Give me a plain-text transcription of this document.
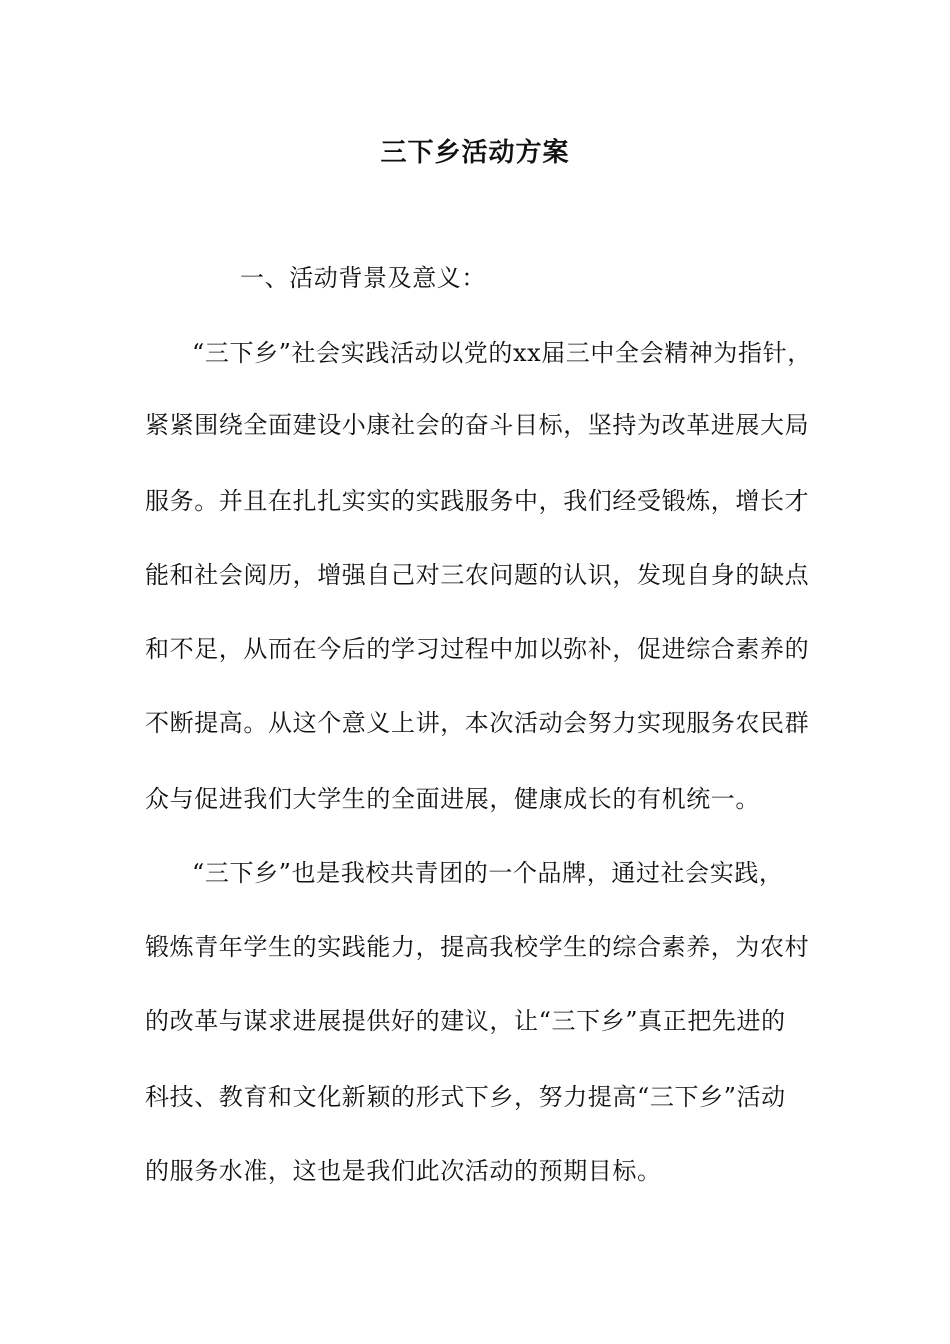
三下乡活动方案
一、活动背景及意义：
“三下乡”社会实践活动以党的xx届三中全会精神为指针，
紧紧围绕全面建设小康社会的奋斗目标，坚持为改革进展大局
服务。并且在扎扎实实的实践服务中，我们经受锻炼，增长才
能和社会阅历，增强自己对三农问题的认识，发现自身的缺点
和不足，从而在今后的学习过程中加以弥补，促进综合素养的
不断提高。从这个意义上讲，本次活动会努力实现服务农民群
众与促进我们大学生的全面进展，健康成长的有机统一。
“三下乡”也是我校共青团的一个品牌，通过社会实践，
锻炼青年学生的实践能力，提高我校学生的综合素养，为农村
的改革与谋求进展提供好的建议，让“三下乡”真正把先进的
科技、教育和文化新颖的形式下乡，努力提高“三下乡”活动
的服务水准，这也是我们此次活动的预期目标。
